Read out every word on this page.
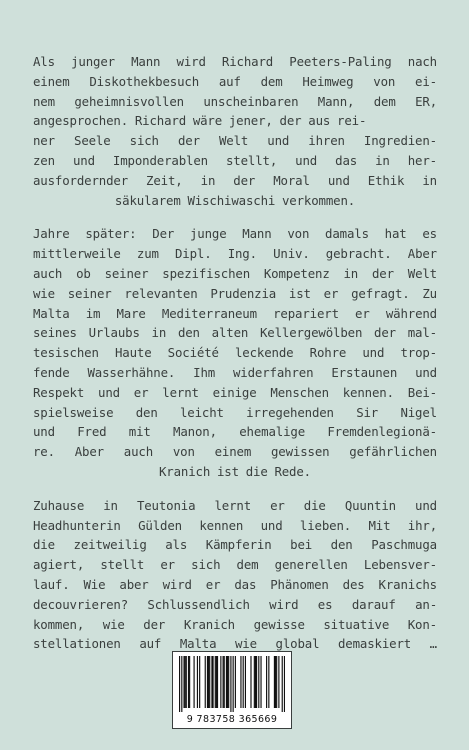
Als junger Mann wird Richard Peeters-Paling nach
einem Diskothekbesuch auf dem Heimweg von ei-
nem geheimnisvollen unscheinbaren Mann, dem ER,
angesprochen. Richard wäre jener, der aus rei-
ner Seele sich der Welt und ihren Ingredien-
zen und Imponderablen stellt, und das in her-
ausfordernder Zeit, in der Moral und Ethik in
säkularem Wischiwaschi verkommen.
Jahre später: Der junge Mann von damals hat es
mittlerweile zum Dipl. Ing. Univ. gebracht. Aber
auch ob seiner spezifischen Kompetenz in der Welt
wie seiner relevanten Prudenzia ist er gefragt. Zu
Malta im Mare Mediterraneum repariert er während
seines Urlaubs in den alten Kellergewölben der mal-
tesischen Haute Société leckende Rohre und trop-
fende Wasserhähne. Ihm widerfahren Erstaunen und
Respekt und er lernt einige Menschen kennen. Bei-
spielsweise den leicht irregehenden Sir Nigel
und Fred mit Manon, ehemalige Fremdenlegionä-
re. Aber auch von einem gewissen gefährlichen
Kranich ist die Rede.
Zuhause in Teutonia lernt er die Quuntin und
Headhunterin Gülden kennen und lieben. Mit ihr,
die zeitweilig als Kämpferin bei den Paschmuga
agiert, stellt er sich dem generellen Lebensver-
lauf. Wie aber wird er das Phänomen des Kranichs
decouvrieren? Schlussendlich wird es darauf an-
kommen, wie der Kranich gewisse situative Kon-
stellationen auf Malta wie global demaskiert …
9 783758 365669
